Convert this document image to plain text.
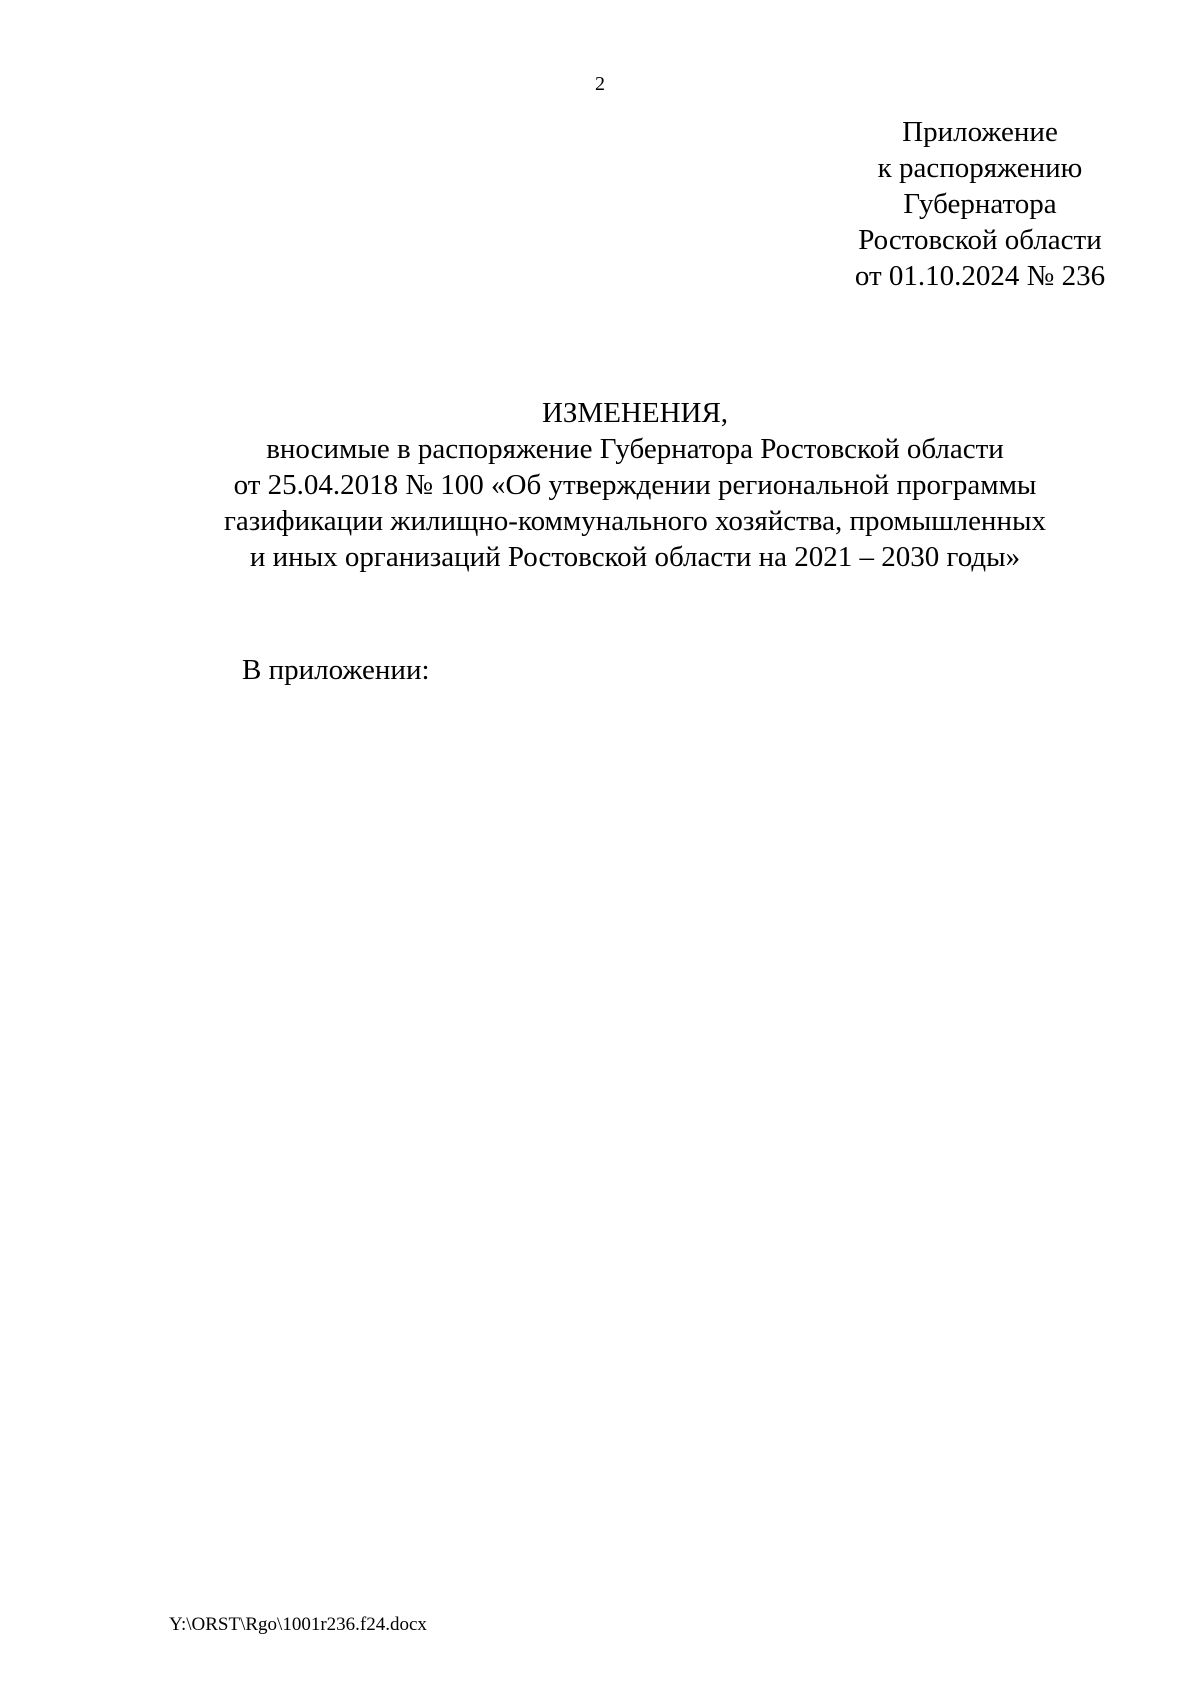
2
Приложение
к распоряжению
Губернатора
Ростовской области
от 01.10.2024 № 236
ИЗМЕНЕНИЯ,
вносимые в распоряжение Губернатора Ростовской области
от 25.04.2018 № 100 «Об утверждении региональной программы
газификации жилищно-коммунального хозяйства, промышленных
и иных организаций Ростовской области на 2021 – 2030 годы»
В приложении:
Y:\ORST\Rgo\1001r236.f24.docx
